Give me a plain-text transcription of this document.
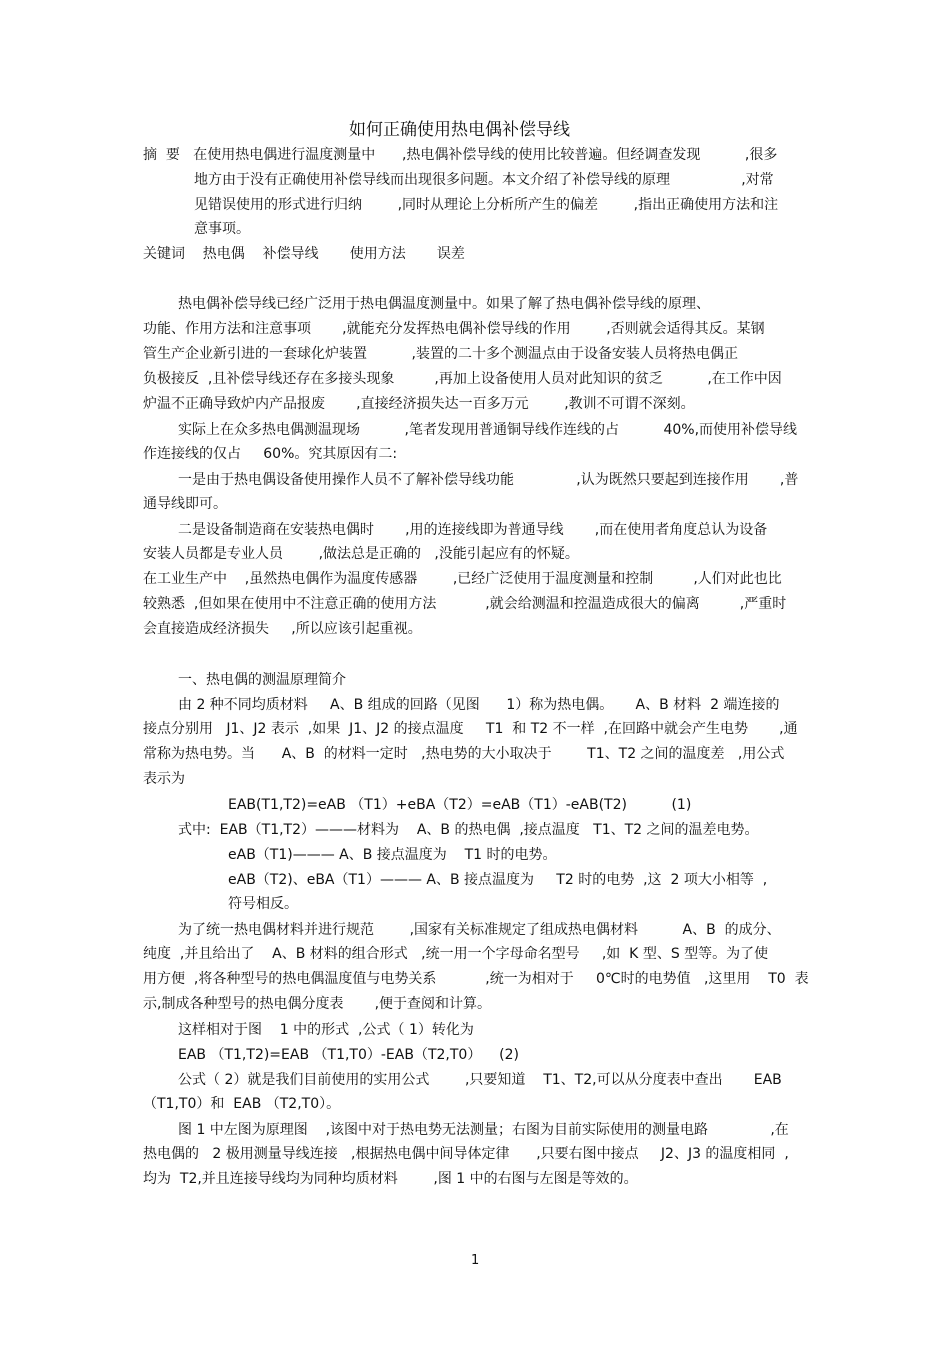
如何正确使用热电偶补偿导线
摘  要   在使用热电偶进行温度测量中      ,热电偶补偿导线的使用比较普遍。但经调查发现          ,很多
地方由于没有正确使用补偿导线而出现很多问题。本文介绍了补偿导线的原理                ,对常
见错误使用的形式进行归纳        ,同时从理论上分析所产生的偏差        ,指出正确使用方法和注
意事项。
关键词    热电偶    补偿导线       使用方法       误差
热电偶补偿导线已经广泛用于热电偶温度测量中。如果了解了热电偶补偿导线的原理、
功能、作用方法和注意事项       ,就能充分发挥热电偶补偿导线的作用        ,否则就会适得其反。某钢
管生产企业新引进的一套球化炉装置          ,装置的二十多个测温点由于设备安装人员将热电偶正
负极接反  ,且补偿导线还存在多接头现象         ,再加上设备使用人员对此知识的贫乏          ,在工作中因
炉温不正确导致炉内产品报废       ,直接经济损失达一百多万元        ,教训不可谓不深刻。
实际上在众多热电偶测温现场          ,笔者发现用普通铜导线作连线的占          40%,而使用补偿导线
作连接线的仅占     60%。究其原因有二:
一是由于热电偶设备使用操作人员不了解补偿导线功能              ,认为既然只要起到连接作用       ,普
通导线即可。
二是设备制造商在安装热电偶时       ,用的连接线即为普通导线       ,而在使用者角度总认为设备
安装人员都是专业人员        ,做法总是正确的   ,没能引起应有的怀疑。
在工业生产中    ,虽然热电偶作为温度传感器        ,已经广泛使用于温度测量和控制         ,人们对此也比
较熟悉  ,但如果在使用中不注意正确的使用方法           ,就会给测温和控温造成很大的偏离         ,严重时
会直接造成经济损失     ,所以应该引起重视。
一、热电偶的测温原理简介
由 2 种不同均质材料     A、B 组成的回路（见图      1）称为热电偶。     A、B 材料  2 端连接的
接点分别用   J1、J2 表示  ,如果  J1、J2 的接点温度     T1  和 T2 不一样  ,在回路中就会产生电势       ,通
常称为热电势。当      A、B  的材料一定时   ,热电势的大小取决于        T1、T2 之间的温度差   ,用公式
表示为
EAB(T1,T2)=eAB （T1）+eBA（T2）=eAB（T1）-eAB(T2)          (1)
式中:  EAB（T1,T2）———材料为    A、B 的热电偶  ,接点温度   T1、T2 之间的温差电势。
eAB（T1)——— A、B 接点温度为    T1 时的电势。
eAB（T2)、eBA（T1）——— A、B 接点温度为     T2 时的电势  ,这  2 项大小相等  ,
符号相反。
为了统一热电偶材料并进行规范        ,国家有关标准规定了组成热电偶材料          A、B  的成分、
纯度  ,并且给出了    A、B 材料的组合形式   ,统一用一个字母命名型号     ,如  K 型、S 型等。为了使
用方便  ,将各种型号的热电偶温度值与电势关系           ,统一为相对于     0℃时的电势值   ,这里用    T0  表
示,制成各种型号的热电偶分度表       ,便于查阅和计算。
这样相对于图    1 中的形式  ,公式（ 1）转化为
EAB （T1,T2)=EAB （T1,T0）-EAB（T2,T0）    (2)
公式（ 2）就是我们目前使用的实用公式        ,只要知道    T1、T2,可以从分度表中查出       EAB
（T1,T0）和  EAB （T2,T0）。
图 1 中左图为原理图    ,该图中对于热电势无法测量；右图为目前实际使用的测量电路              ,在
热电偶的   2 极用测量导线连接   ,根据热电偶中间导体定律      ,只要右图中接点     J2、J3 的温度相同  ,
均为  T2,并且连接导线均为同种均质材料        ,图 1 中的右图与左图是等效的。
1
